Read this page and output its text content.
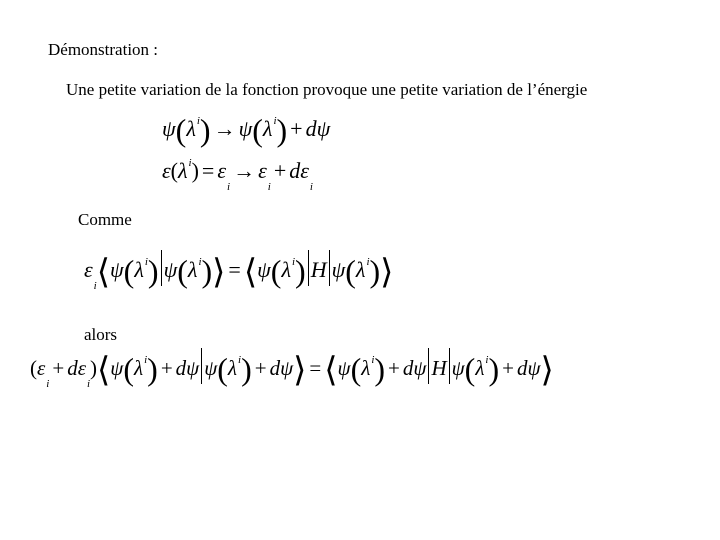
Démonstration :
Une petite variation de la fonction provoque une petite variation de l’énergie
$\psi(\lambda^i) \to \psi(\lambda^i) + d\psi$
$\varepsilon(\lambda^i) = \varepsilon_i\to \varepsilon_i+ d\varepsilon_i$
Comme
$\varepsilon_i⟨\psi(\lambda^i)$ $\psi(\lambda^i)⟩$ $=⟨\psi(\lambda^i)$ H $\psi(\lambda^i)⟩$
alors
($\varepsilon_i+$ $d\varepsilon_i)⟨\psi(\lambda^i) + d\psi$ $\psi(\lambda^i)$ + dψ⟩ $=⟨\psi(\lambda^i) + d\psi$ H $\psi(\lambda^i)$ + dψ⟩
